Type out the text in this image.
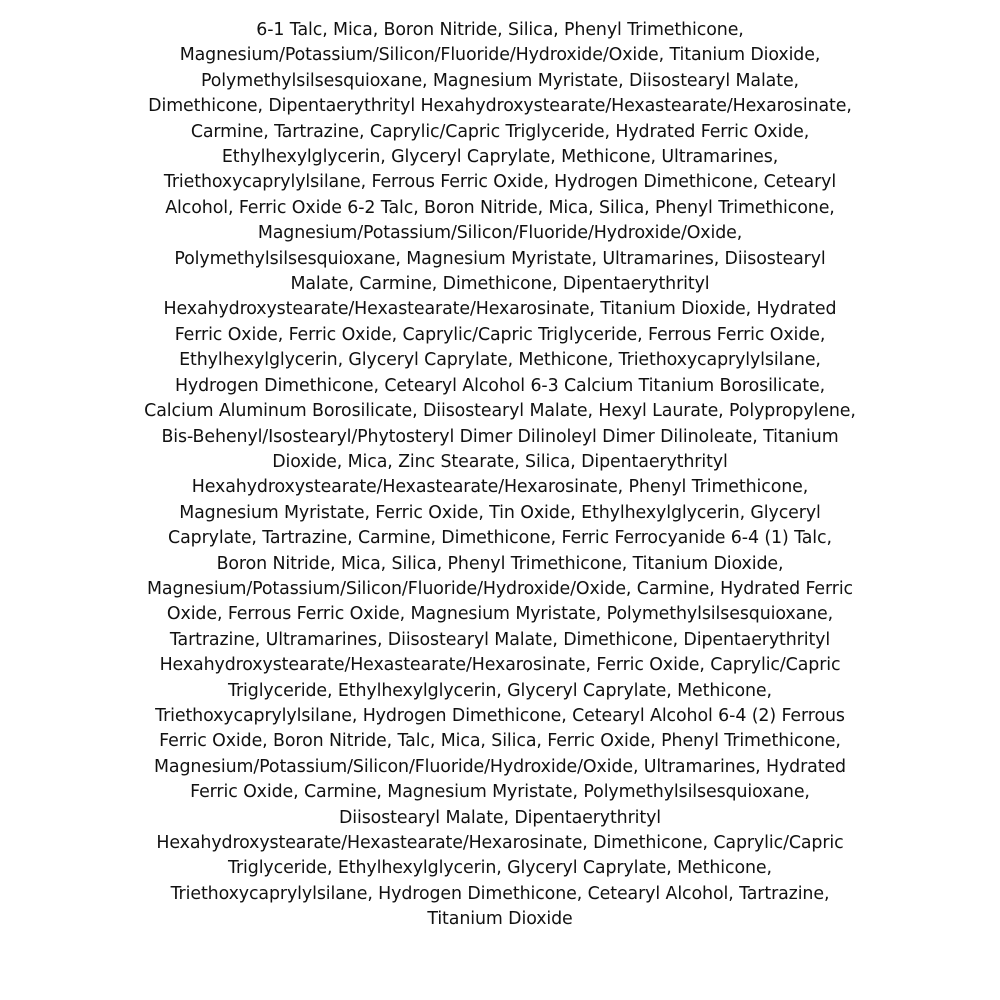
6-1 Talc, Mica, Boron Nitride, Silica, Phenyl Trimethicone, Magnesium/Potassium/Silicon/Fluoride/Hydroxide/Oxide, Titanium Dioxide, Polymethylsilsesquioxane, Magnesium Myristate, Diisostearyl Malate, Dimethicone, Dipentaerythrityl Hexahydroxystearate/Hexastearate/Hexarosinate, Carmine, Tartrazine, Caprylic/Capric Triglyceride, Hydrated Ferric Oxide, Ethylhexylglycerin, Glyceryl Caprylate, Methicone, Ultramarines, Triethoxycaprylylsilane, Ferrous Ferric Oxide, Hydrogen Dimethicone, Cetearyl Alcohol, Ferric Oxide 6-2 Talc, Boron Nitride, Mica, Silica, Phenyl Trimethicone, Magnesium/Potassium/Silicon/Fluoride/Hydroxide/Oxide, Polymethylsilsesquioxane, Magnesium Myristate, Ultramarines, Diisostearyl Malate, Carmine, Dimethicone, Dipentaerythrityl Hexahydroxystearate/Hexastearate/Hexarosinate, Titanium Dioxide, Hydrated Ferric Oxide, Ferric Oxide, Caprylic/Capric Triglyceride, Ferrous Ferric Oxide, Ethylhexylglycerin, Glyceryl Caprylate, Methicone, Triethoxycaprylylsilane, Hydrogen Dimethicone, Cetearyl Alcohol 6-3 Calcium Titanium Borosilicate, Calcium Aluminum Borosilicate, Diisostearyl Malate, Hexyl Laurate, Polypropylene, Bis-Behenyl/Isostearyl/Phytosteryl Dimer Dilinoleyl Dimer Dilinoleate, Titanium Dioxide, Mica, Zinc Stearate, Silica, Dipentaerythrityl Hexahydroxystearate/Hexastearate/Hexarosinate, Phenyl Trimethicone, Magnesium Myristate, Ferric Oxide, Tin Oxide, Ethylhexylglycerin, Glyceryl Caprylate, Tartrazine, Carmine, Dimethicone, Ferric Ferrocyanide 6-4 (1) Talc, Boron Nitride, Mica, Silica, Phenyl Trimethicone, Titanium Dioxide, Magnesium/Potassium/Silicon/Fluoride/Hydroxide/Oxide, Carmine, Hydrated Ferric Oxide, Ferrous Ferric Oxide, Magnesium Myristate, Polymethylsilsesquioxane, Tartrazine, Ultramarines, Diisostearyl Malate, Dimethicone, Dipentaerythrityl Hexahydroxystearate/Hexastearate/Hexarosinate, Ferric Oxide, Caprylic/Capric Triglyceride, Ethylhexylglycerin, Glyceryl Caprylate, Methicone, Triethoxycaprylylsilane, Hydrogen Dimethicone, Cetearyl Alcohol 6-4 (2) Ferrous Ferric Oxide, Boron Nitride, Talc, Mica, Silica, Ferric Oxide, Phenyl Trimethicone, Magnesium/Potassium/Silicon/Fluoride/Hydroxide/Oxide, Ultramarines, Hydrated Ferric Oxide, Carmine, Magnesium Myristate, Polymethylsilsesquioxane, Diisostearyl Malate, Dipentaerythrityl Hexahydroxystearate/Hexastearate/Hexarosinate, Dimethicone, Caprylic/Capric Triglyceride, Ethylhexylglycerin, Glyceryl Caprylate, Methicone, Triethoxycaprylylsilane, Hydrogen Dimethicone, Cetearyl Alcohol, Tartrazine, Titanium Dioxide
